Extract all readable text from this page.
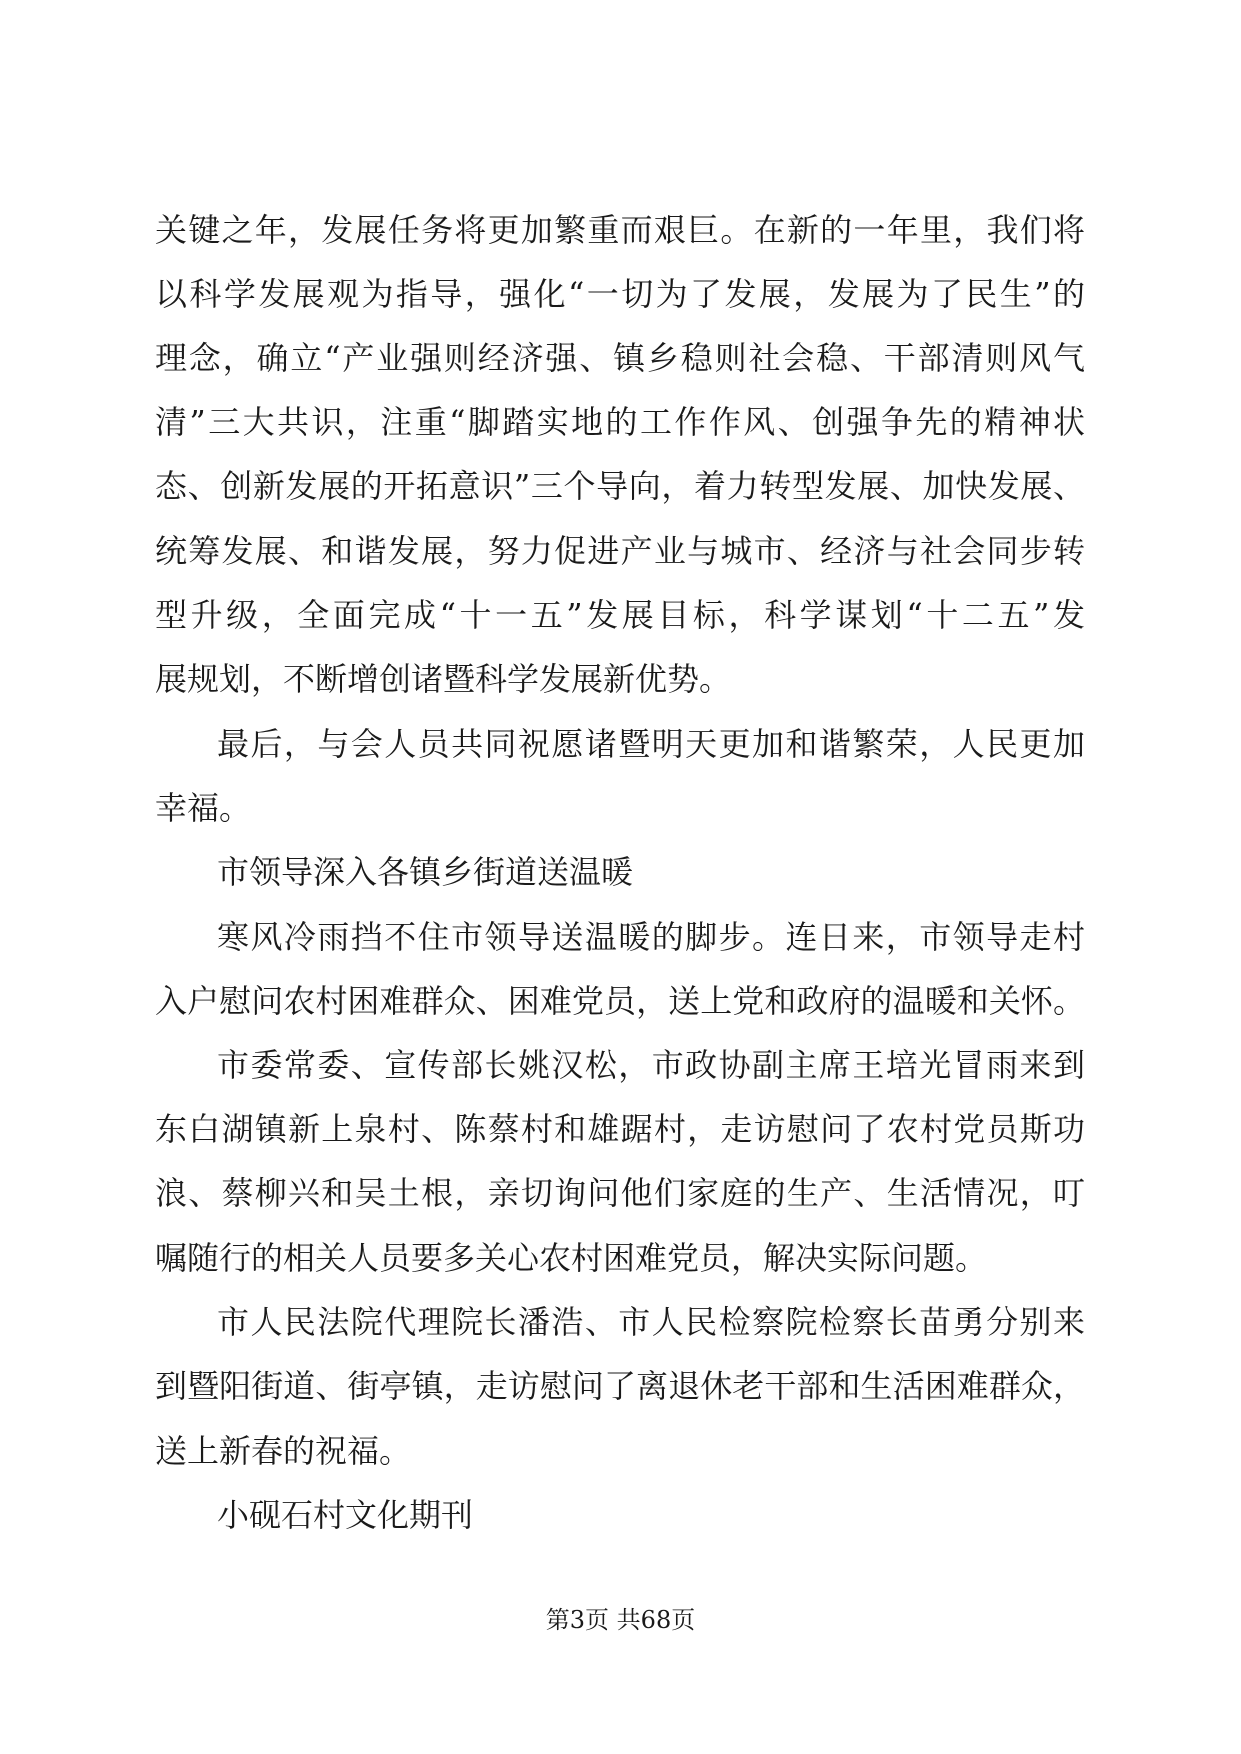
关键之年，发展任务将更加繁重而艰巨。在新的一年里，我们将
以科学发展观为指导，强化“一切为了发展，发展为了民生”的
理念，确立“产业强则经济强、镇乡稳则社会稳、干部清则风气
清”三大共识，注重“脚踏实地的工作作风、创强争先的精神状
态、创新发展的开拓意识”三个导向，着力转型发展、加快发展、
统筹发展、和谐发展，努力促进产业与城市、经济与社会同步转
型升级，全面完成“十一五”发展目标，科学谋划“十二五”发
展规划，不断增创诸暨科学发展新优势。
最后，与会人员共同祝愿诸暨明天更加和谐繁荣，人民更加
幸福。
市领导深入各镇乡街道送温暖
寒风冷雨挡不住市领导送温暖的脚步。连日来，市领导走村
入户慰问农村困难群众、困难党员，送上党和政府的温暖和关怀。
市委常委、宣传部长姚汉松，市政协副主席王培光冒雨来到
东白湖镇新上泉村、陈蔡村和雄踞村，走访慰问了农村党员斯功
浪、蔡柳兴和吴土根，亲切询问他们家庭的生产、生活情况，叮
嘱随行的相关人员要多关心农村困难党员，解决实际问题。
市人民法院代理院长潘浩、市人民检察院检察长苗勇分别来
到暨阳街道、街亭镇，走访慰问了离退休老干部和生活困难群众，
送上新春的祝福。
小砚石村文化期刊
第3页 共68页
